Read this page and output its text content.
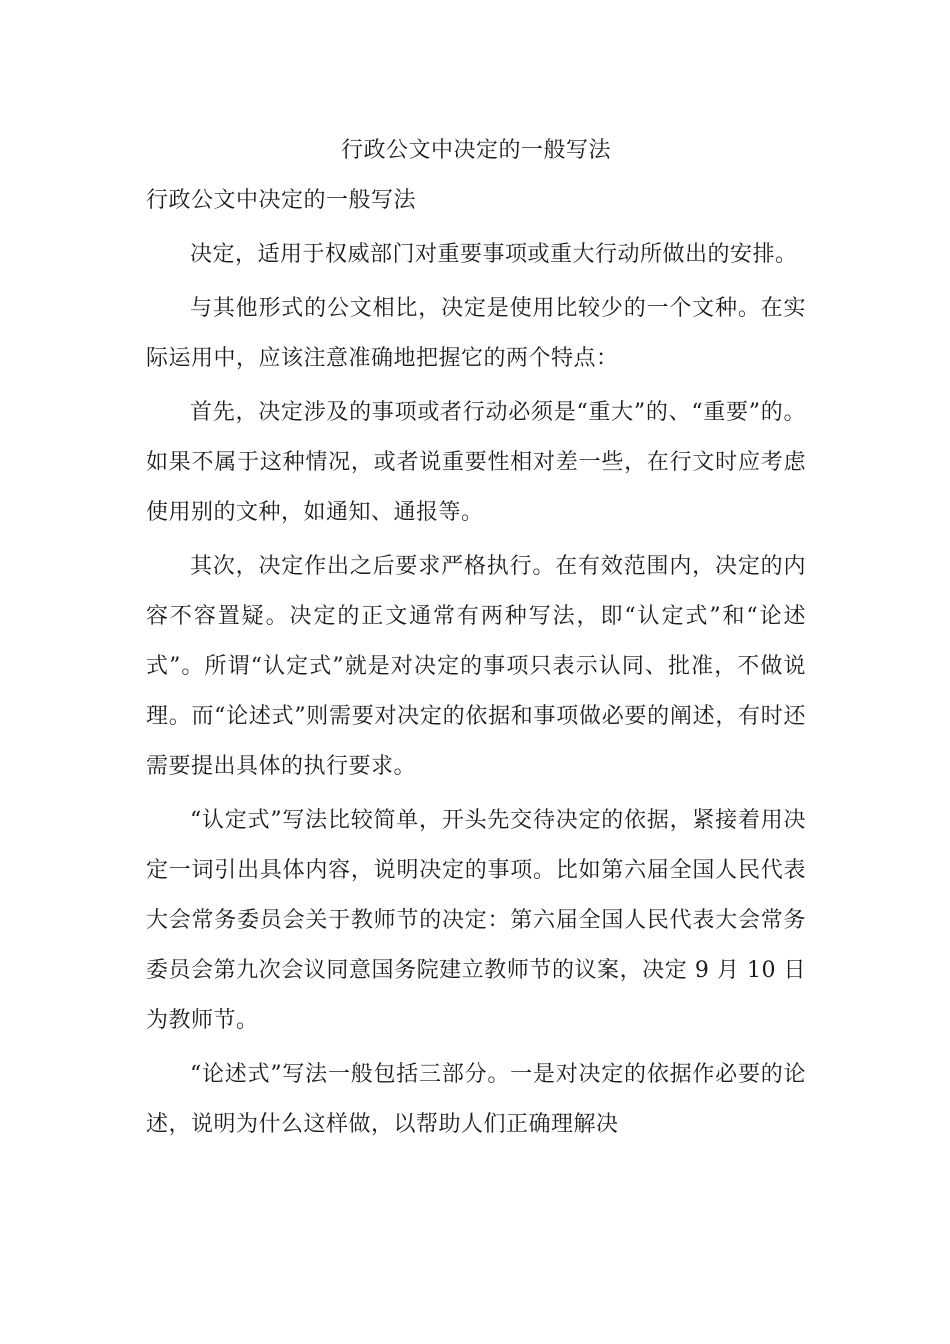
行政公文中决定的一般写法
行政公文中决定的一般写法

决定，适用于权威部门对重要事项或重大行动所做出的安排。

与其他形式的公文相比，决定是使用比较少的一个文种。在实际运用中，应该注意准确地把握它的两个特点：

首先，决定涉及的事项或者行动必须是“重大”的、“重要”的。如果不属于这种情况，或者说重要性相对差一些，在行文时应考虑使用别的文种，如通知、通报等。

其次，决定作出之后要求严格执行。在有效范围内，决定的内容不容置疑。决定的正文通常有两种写法，即“认定式”和“论述式”。所谓“认定式”就是对决定的事项只表示认同、批准，不做说理。而“论述式”则需要对决定的依据和事项做必要的阐述，有时还需要提出具体的执行要求。

“认定式”写法比较简单，开头先交待决定的依据，紧接着用决定一词引出具体内容，说明决定的事项。比如第六届全国人民代表大会常务委员会关于教师节的决定：第六届全国人民代表大会常务委员会第九次会议同意国务院建立教师节的议案，决定 9 月 10 日为教师节。

“论述式”写法一般包括三部分。一是对决定的依据作必要的论述，说明为什么这样做，以帮助人们正确理解决
